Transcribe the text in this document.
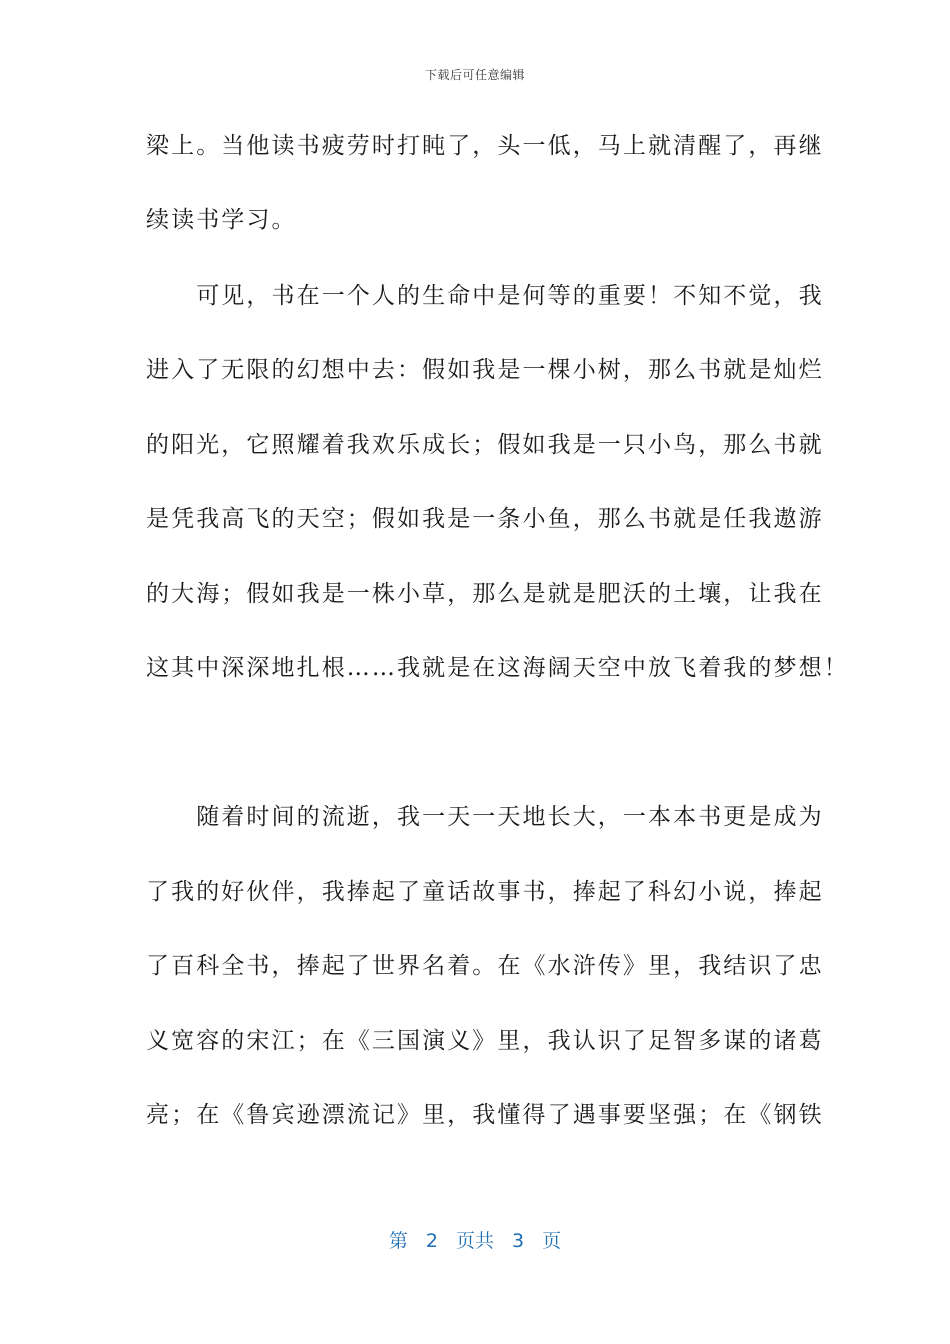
下载后可任意编辑
梁上。当他读书疲劳时打盹了，头一低，马上就清醒了，再继
续读书学习。
　　可见，书在一个人的生命中是何等的重要！不知不觉，我
进入了无限的幻想中去：假如我是一棵小树，那么书就是灿烂
的阳光，它照耀着我欢乐成长；假如我是一只小鸟，那么书就
是凭我高飞的天空；假如我是一条小鱼，那么书就是任我遨游
的大海；假如我是一株小草，那么是就是肥沃的土壤，让我在
这其中深深地扎根……我就是在这海阔天空中放飞着我的梦想！
　　随着时间的流逝，我一天一天地长大，一本本书更是成为
了我的好伙伴，我捧起了童话故事书，捧起了科幻小说，捧起
了百科全书，捧起了世界名着。在《水浒传》里，我结识了忠
义宽容的宋江；在《三国演义》里，我认识了足智多谋的诸葛
亮；在《鲁宾逊漂流记》里，我懂得了遇事要坚强；在《钢铁
第 2 页共 3 页
